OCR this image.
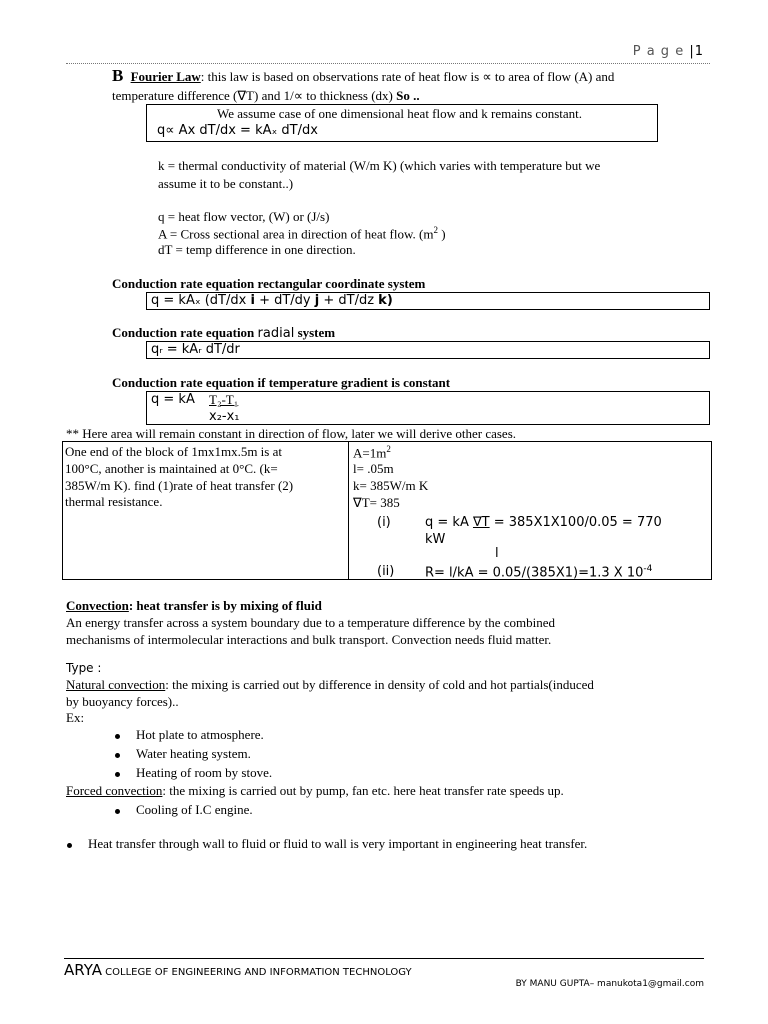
P a g e |1
B Fourier Law: this law is based on observations rate of heat flow is ∝ to area of flow (A) and
temperature difference (∇T) and 1/∝ to thickness (dx) So ..
We assume case of one dimensional heat flow and k remains constant.
q∝ Ax dT/dx = kAₓ dT/dx
k = thermal conductivity of material (W/m K) (which varies with temperature but we
assume it to be constant..)
q = heat flow vector, (W) or (J/s)
A = Cross sectional area in direction of heat flow. ($m^2$ )
dT = temp difference in one direction.
Conduction rate equation rectangular coordinate system
q = kAₓ (dT/dx i + dT/dy j + dT/dz k)
Conduction rate equation radial system
qᵣ = kAᵣ dT/dr
Conduction rate equation if temperature gradient is constant
q = kA T₂-T₁
x₂-x₁
** Here area will remain constant in direction of flow, later we will derive other cases.
One end of the block of 1mx1mx.5m is at
100°C, another is maintained at 0°C. (k=
385W/m K). find (1)rate of heat transfer (2)
thermal resistance.
$A=1m^2$
l= .05m
k= 385W/m K
∇T= 385
(i)	q = kA ∇T = 385X1X100/0.05 = 770
kW
l
(ii) R= l/kA = 0.05/(385X1)=1.3 X $10^{-4}$
Convection: heat transfer is by mixing of fluid
An energy transfer across a system boundary due to a temperature difference by the combined
mechanisms of intermolecular interactions and bulk transport. Convection needs fluid matter.
Type :
Natural convection: the mixing is carried out by difference in density of cold and hot partials(induced
by buoyancy forces)..
Ex:
Hot plate to atmosphere.
Water heating system.
Heating of room by stove.
Forced convection: the mixing is carried out by pump, fan etc. here heat transfer rate speeds up.
Cooling of I.C engine.
Heat transfer through wall to fluid or fluid to wall is very important in engineering heat transfer.
ARYA COLLEGE OF ENGINEERING AND INFORMATION TECHNOLOGY
BY MANU GUPTA– manukota1@gmail.com
